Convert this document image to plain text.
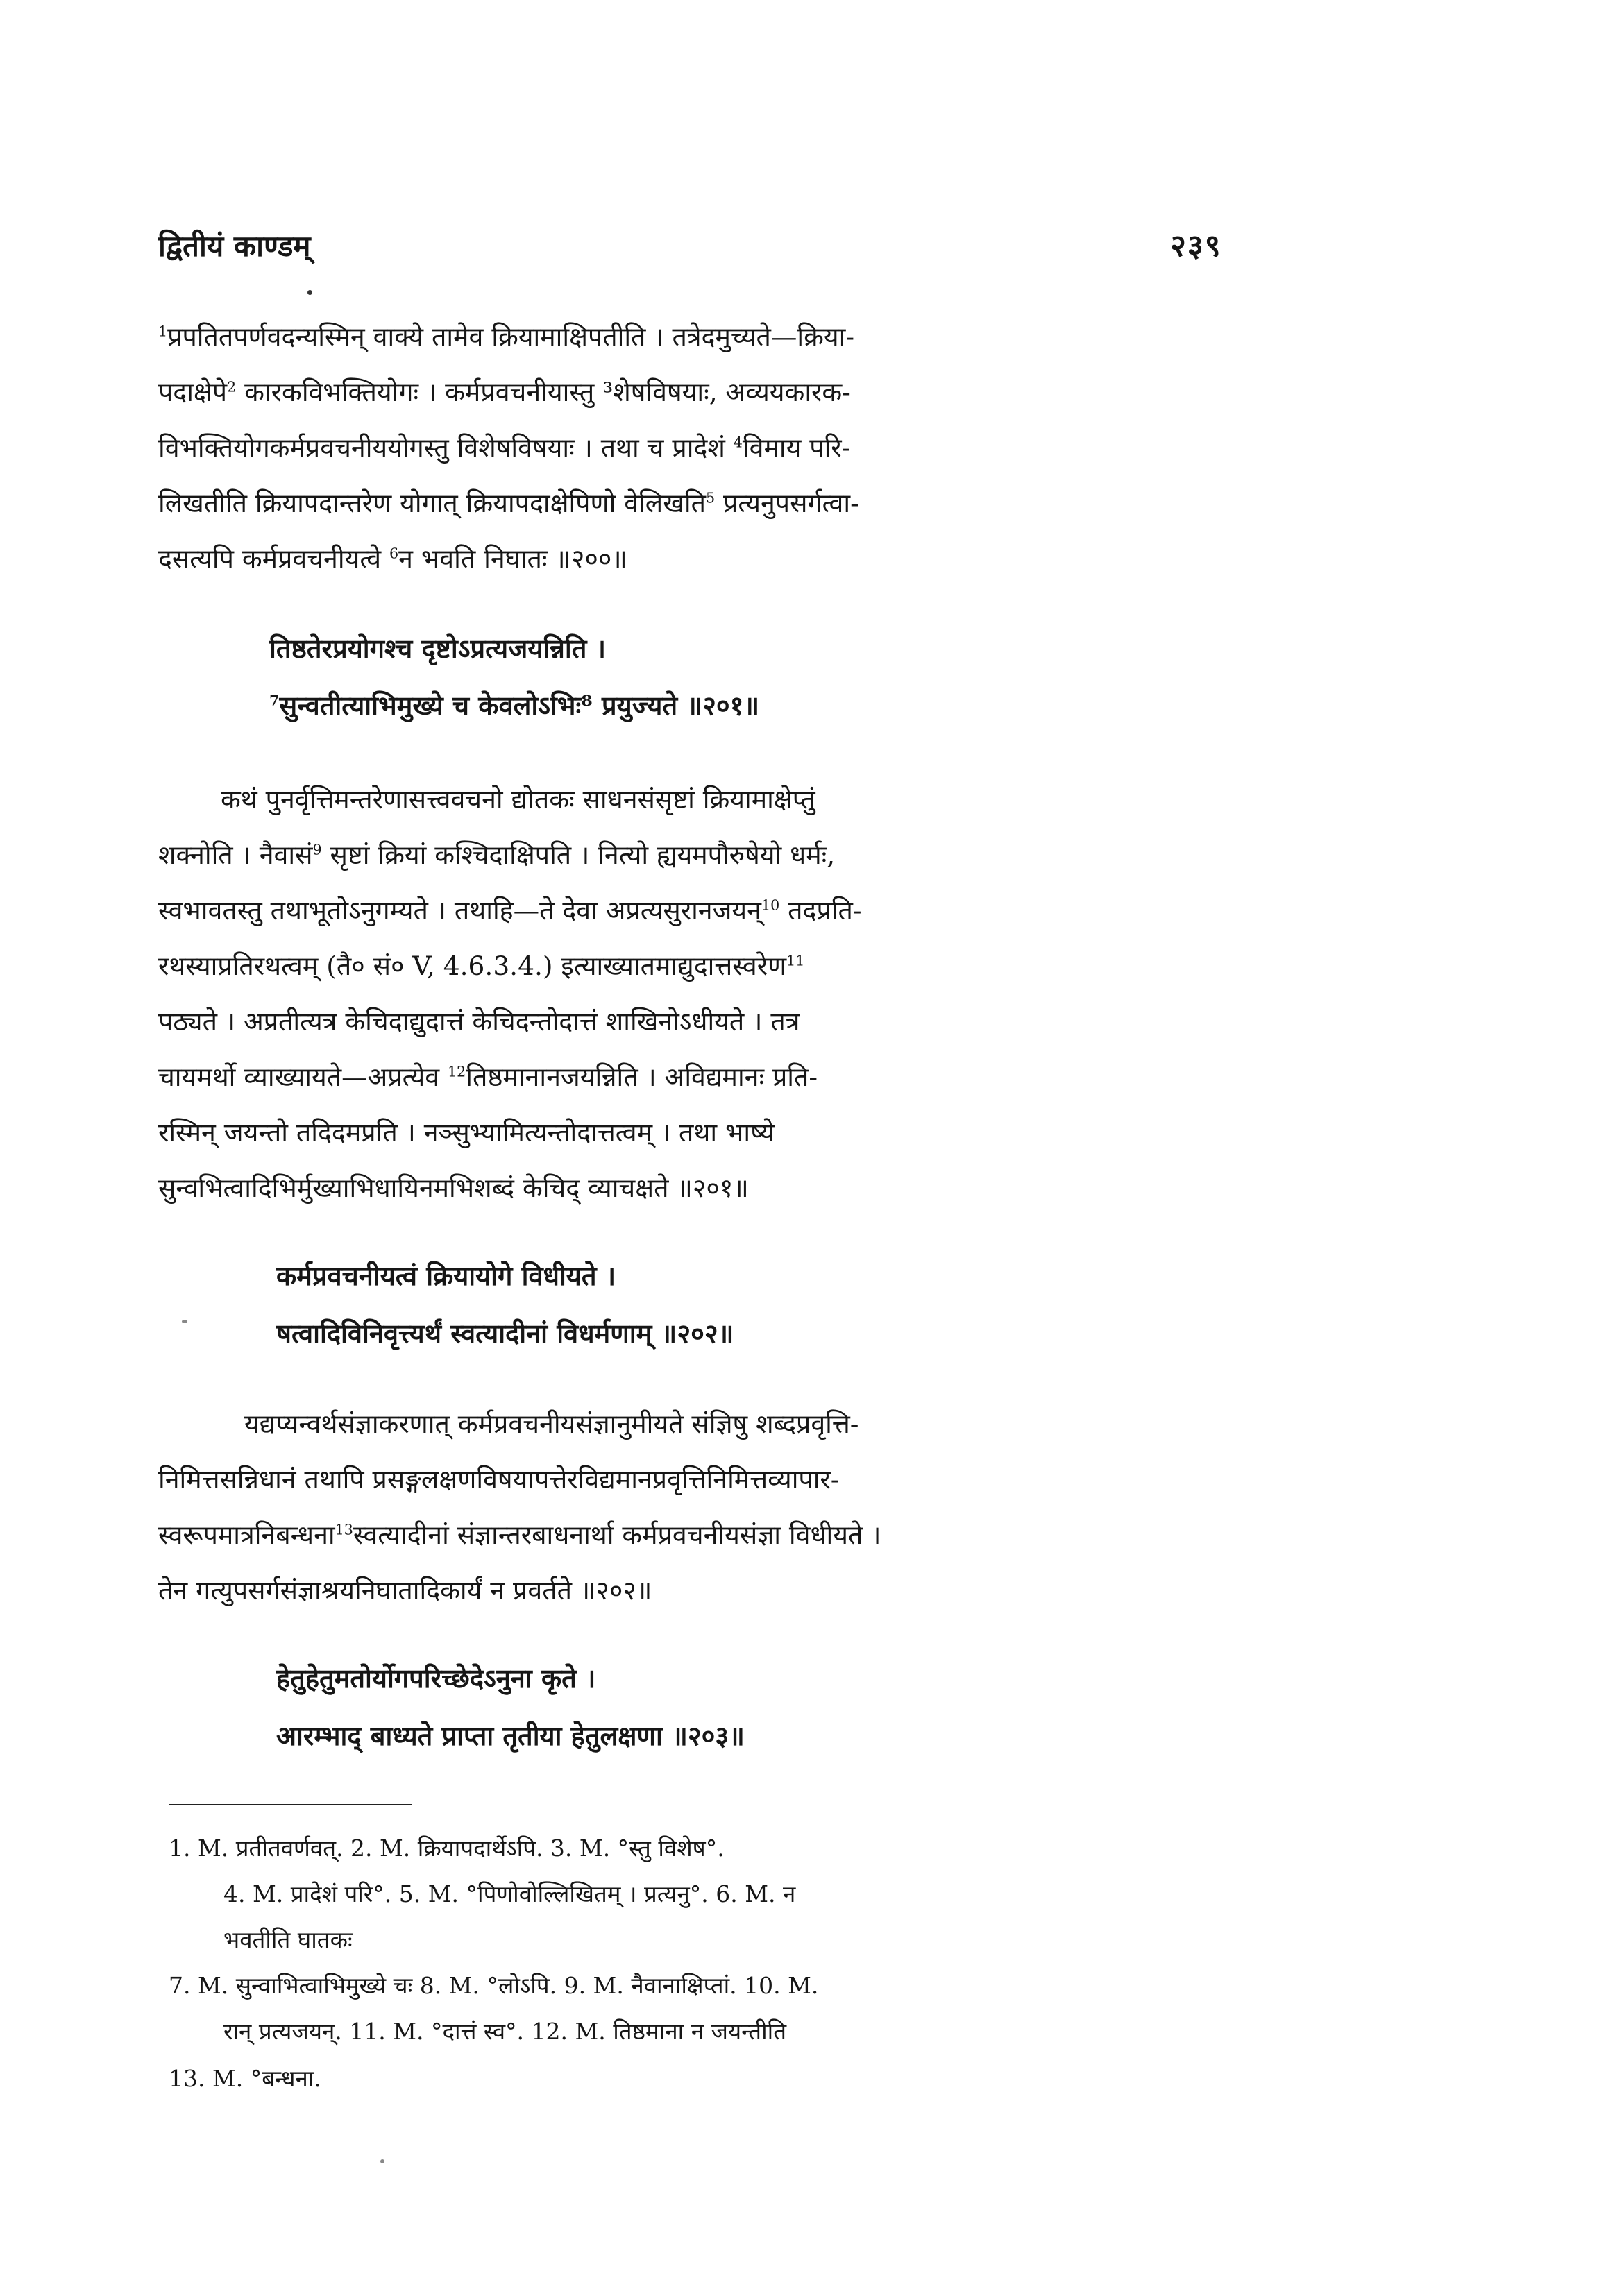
द्वितीयं काण्डम्	२३९
$^1$प्रपतितपर्णवदन्यस्मिन् वाक्ये तामेव क्रियामाक्षिपतीति । तत्रेदमुच्यते—क्रिया-
पदाक्षेपे$^2$ कारकविभक्तियोगः । कर्मप्रवचनीयास्तु ³शेषविषयाः, अव्ययकारक-
विभक्तियोगकर्मप्रवचनीययोगस्तु विशेषविषयाः । तथा च प्रादेशं $^4$विमाय परि-
लिखतीति क्रियापदान्तरेण योगात् क्रियापदाक्षेपिणो वेलिखति$^5$ प्रत्यनुपसर्गत्वा-
दसत्यपि कर्मप्रवचनीयत्वे $^6$न भवति निघातः ॥२००॥
तिष्ठतेरप्रयोगश्च दृष्टोऽप्रत्यजयन्निति ।
$^7$सुन्वतीत्याभिमुख्ये च केवलोऽभिः⁸ प्रयुज्यते ॥२०१॥
कथं पुनर्वृत्तिमन्तरेणासत्त्ववचनो द्योतकः साधनसंसृष्टां क्रियामाक्षेप्तुं
शक्नोति । नैवासं$^9$ सृष्टां क्रियां कश्चिदाक्षिपति । नित्यो ह्ययमपौरुषेयो धर्मः,
स्वभावतस्तु तथाभूतोऽनुगम्यते । तथाहि—ते देवा अप्रत्यसुरानजयन्$^{10}$ तदप्रति-
रथस्याप्रतिरथत्वम् (तै० सं० V, 4.6.3.4.) इत्याख्यातमाद्युदात्तस्वरेण$^{11}$
पठ्यते । अप्रतीत्यत्र केचिदाद्युदात्तं केचिदन्तोदात्तं शाखिनोऽधीयते । तत्र
चायमर्थो व्याख्यायते—अप्रत्येव $^{12}$तिष्ठमानानजयन्निति । अविद्यमानः प्रति-
रस्मिन् जयन्तो तदिदमप्रति । नञ्सुभ्यामित्यन्तोदात्तत्वम् । तथा भाष्ये
सुन्वभित्वादिभिर्मुख्याभिधायिनमभिशब्दं केचिद् व्याचक्षते ॥२०१॥
कर्मप्रवचनीयत्वं क्रियायोगे विधीयते ।
षत्वादिविनिवृत्त्यर्थं स्वत्यादीनां विधर्मणाम् ॥२०२॥
यद्यप्यन्वर्थसंज्ञाकरणात् कर्मप्रवचनीयसंज्ञानुमीयते संज्ञिषु शब्दप्रवृत्ति-
निमित्तसन्निधानं तथापि प्रसङ्गलक्षणविषयापत्तेरविद्यमानप्रवृत्तिनिमित्तव्यापार-
स्वरूपमात्रनिबन्धना$^{13}$स्वत्यादीनां संज्ञान्तरबाधनार्था कर्मप्रवचनीयसंज्ञा विधीयते ।
तेन गत्युपसर्गसंज्ञाश्रयनिघातादिकार्यं न प्रवर्तते ॥२०२॥
हेतुहेतुमतोर्योगपरिच्छेदेऽनुना कृते ।
आरम्भाद् बाध्यते प्राप्ता तृतीया हेतुलक्षणा ॥२०३॥
1. M. प्रतीतवर्णवत्. 2. M. क्रियापदार्थेऽपि. 3. M. °स्तु विशेष°.
4. M. प्रादेशं परि°. 5. M. °पिणोवोल्लिखितम् । प्रत्यनु°. 6. M. न
भवतीति घातकः
7. M. सुन्वाभित्वाभिमुख्ये चः 8. M. °लोऽपि. 9. M. नैवानाक्षिप्तां. 10. M.
रान् प्रत्यजयन्. 11. M. °दात्तं स्व°. 12. M. तिष्ठमाना न जयन्तीति
13. M. °बन्धना.
